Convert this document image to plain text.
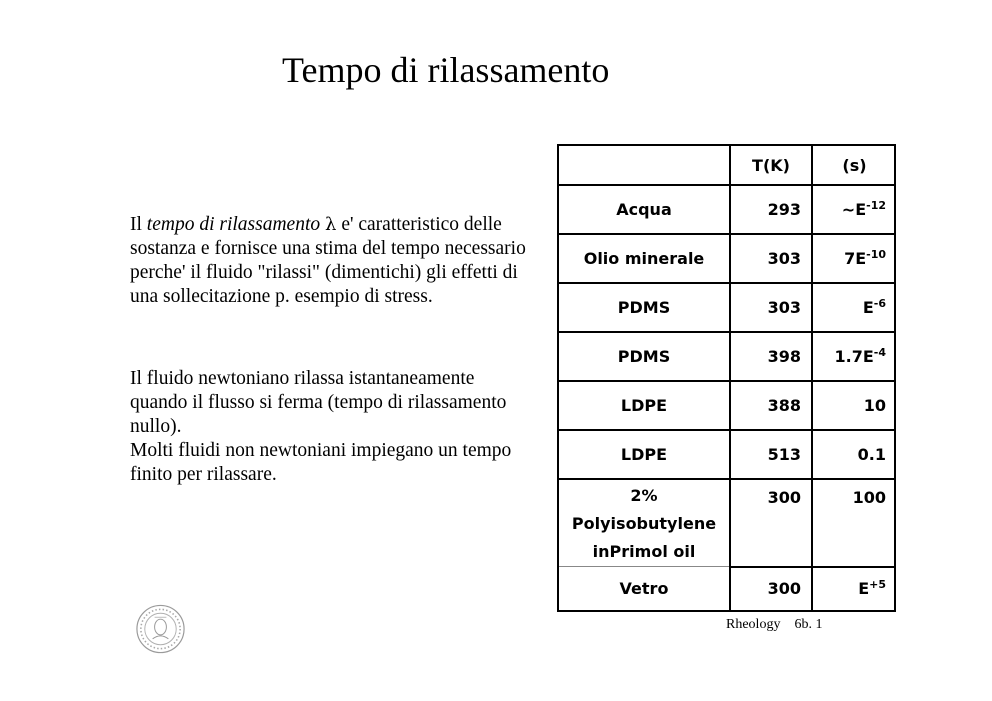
Tempo di rilassamento

Il tempo di rilassamento λ e' caratteristico delle sostanza e fornisce una stima del tempo necessario perche' il fluido "rilassi" (dimentichi) gli effetti di una sollecitazione p. esempio di stress.

Il fluido newtoniano rilassa istantaneamente quando il flusso si ferma (tempo di rilassamento nullo).

Molti fluidi non newtoniani impiegano un tempo finito per rilassare.

	T(K)	(s)
Acqua	293	$\sim E^{-12}$
Olio minerale	303	$7E^{-10}$
PDMS	303	$E^{-6}$
PDMS	398	$1.7E^{-4}$
LDPE	388	10
LDPE	513	0.1
2%
Polyisobutylene
inPrimol oil	300	100
Vetro	300	$E^{+5}$
Rheology 6b. 1
